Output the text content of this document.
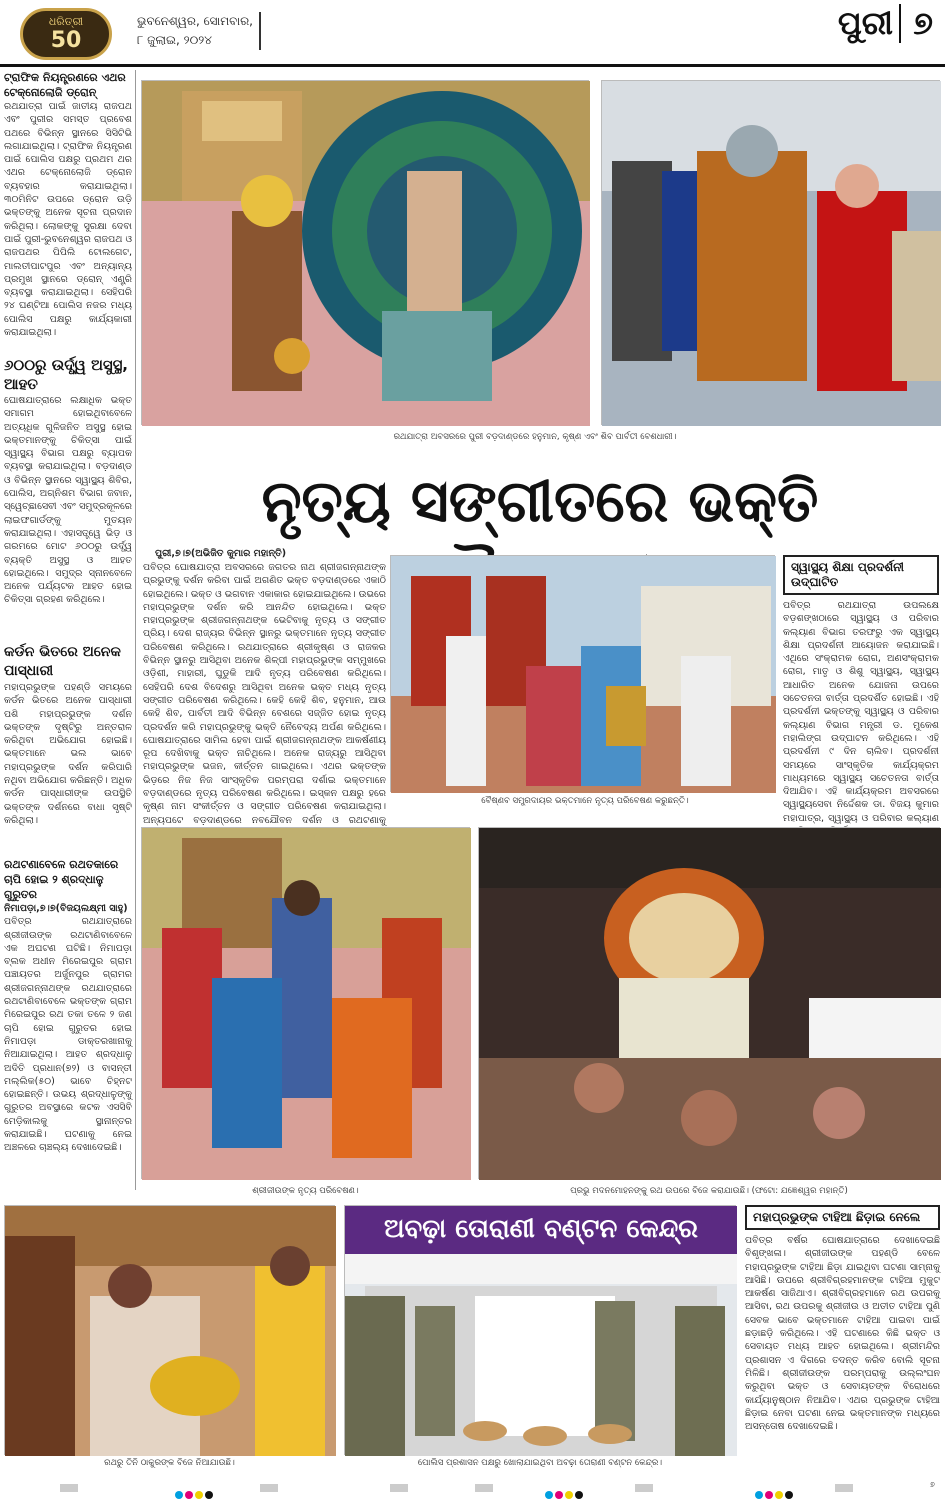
ଧରିତ୍ରୀ
50
ଭୁବନେଶ୍ୱର, ସୋମବାର,
୮ ଜୁଲାଇ, ୨୦୨୪	ପୁରୀ ୭
ଟ୍ରାଫିକ ନିୟନ୍ତ୍ରଣରେ ଏଥର ଟେକ୍ନୋଲୋଜି ଡ୍ରୋନ୍‌
ରଥଯାତ୍ରା ପାଇଁ ଜାତୀୟ ରାଜପଥ ଏବଂ ପୁରୀର ସମସ୍ତ ପ୍ରବେଶ ପଥରେ ବିଭିନ୍ନ ସ୍ଥାନରେ ସିସିଟିଭି ଲଗାଯାଇଥିଲା। ଟ୍ରାଫିକ ନିୟନ୍ତ୍ରଣ ପାଇଁ ପୋଲିସ ପକ୍ଷରୁ ପ୍ରଥମ ଥର ଏଥର ଟେକ୍ନୋଲୋଜି ଡ୍ରୋନ ବ୍ୟବହାର କରାଯାଇଥିଲା। ୩୦ମିନିଟ ଉପରେ ଡ୍ରୋନ ଉଡ଼ି ଭକ୍ତଙ୍କୁ ଅନେକ ସୂଚନା ପ୍ରଦାନ କରିଥିଲା। ଲୋକଙ୍କୁ ସୁରକ୍ଷା ଦେବା ପାଇଁ ପୁରୀ-ଭୁବନେଶ୍ୱର ରାଜପଥ ଓ ରାଜପଥର ପିପିଲି ଟୋଲଗେଟ, ମାଲତୀପାଟପୁର ଏବଂ ଅନ୍ୟାନ୍ୟ ପ୍ରମୁଖ ସ୍ଥାନରେ ଡ୍ରୋନ୍ ଏଣ୍ଟ୍ରି ବ୍ୟବସ୍ଥା କରାଯାଇଥିଲା। ସେହିପରି ୨୪ ଘଣ୍ଟିଆ ପୋଲିସ ନଜର ମଧ୍ୟ ପୋଲିସ ପକ୍ଷରୁ କାର୍ଯ୍ୟକାରୀ କରାଯାଇଥିଲା।
୬୦୦ରୁ ଉର୍ଦ୍ଧ୍ୱ ଅସୁସ୍ଥ, ଆହତ
ଘୋଷଯାତ୍ରାରେ ଲକ୍ଷାଧିକ ଭକ୍ତ ସମାଗମ ହୋଇଥିବାବେଳେ ଅତ୍ୟଧିକ ଗୁଳିଜନିତ ଅସୁସ୍ଥ ହୋଇ ଭକ୍ତମାନଙ୍କୁ ଚିକିତ୍ସା ପାଇଁ ସ୍ୱାସ୍ଥ୍ୟ ବିଭାଗ ପକ୍ଷରୁ ବ୍ୟାପକ ବ୍ୟବସ୍ଥା କରାଯାଇଥିଲା। ବଡ଼ଦାଣ୍ଡ ଓ ବିଭିନ୍ନ ସ୍ଥାନରେ ସ୍ୱାସ୍ଥ୍ୟ ଶିବିର, ପୋଲିସ, ଅଗ୍ନିଶମ ବିଭାଗ ଜବାନ, ସ୍ୱେଚ୍ଛାସେବୀ ଏବଂ ସମୁଦ୍ରକୂଳରେ ଲାଇଫଗାର୍ଡଙ୍କୁ ମୁତୟନ କରାଯାଇଥିଲା। ଏହାସତ୍ତ୍ୱେ ଭିଡ଼ ଓ ଗରମରେ ମୋଟ ୬୦୦ରୁ ଉର୍ଦ୍ଧ୍ୱ ବ୍ୟକ୍ତି ଅସୁସ୍ଥ ଓ ଆହତ ହୋଇଥିଲେ। ସମୁଦ୍ର ସ୍ନାନବେଳେ ଅନେକ ପର୍ଯ୍ୟଟକ ଆହତ ହୋଇ ଚିକିତ୍ସା ଗ୍ରହଣ କରିଥିଲେ।
କର୍ଡନ ଭିତରେ ଅନେକ ପାସ୍‌ଧାରୀ
ମହାପ୍ରଭୁଙ୍କ ପହଣ୍ଡି ସମୟରେ କର୍ଡନ ଭିତରେ ଅନେକ ପାସ୍‌ଧାରୀ ପଶି ମହାପ୍ରଭୁଙ୍କ ଦର୍ଶନ ଭକ୍ତଙ୍କ ଦୃଷ୍ଟିରୁ ଅନ୍ତରାଳ କରିଥିବା ଅଭିଯୋଗ ହୋଇଛି। ଭକ୍ତମାନେ ଭଲ ଭାବେ ମହାପ୍ରଭୁଙ୍କ ଦର୍ଶନ କରିପାରି ନଥିବା ଅଭିଯୋଗ କରିଛନ୍ତି। ଅଧିକ କର୍ଡନ ପାସ୍‌ଧାରୀଙ୍କ ଉପସ୍ଥିତି ଭକ୍ତଙ୍କ ଦର୍ଶନରେ ବାଧା ସୃଷ୍ଟି କରିଥିଲା।
ରଥଟଣାବେଳେ ରଥତକାରେ ଚାପି ହୋଇ ୨ ଶ୍ରଦ୍ଧାଳୁ ଗୁରୁତର
ନିମାପଡ଼ା,୭।୭(ବିଜୟଲକ୍ଷ୍ମୀ ସାହୁ)
ପବିତ୍ର ରଥଯାତ୍ରାରେ ଶ୍ରୀଜୀଉଙ୍କ ରଥଟାଣିବାବେଳେ ଏକ ଅଘଟଣ ଘଟିଛି। ନିମାପଡ଼ା ବ୍ଲକ ଅଧୀନ ମିରେଇପୁର ଗ୍ରାମ ପଞ୍ଚାୟତର ଅର୍ଜୁନପୁର ଗ୍ରାମର ଶ୍ରୀଜଗନ୍ନାଥଙ୍କ ରଥଯାତ୍ରାରେ ରଥଟାଣିବାବେଳେ ଭକ୍ତଙ୍କ ଗ୍ରାମ ମିରେଇପୁର ରଥ ତକା ତଳେ ୨ ଜଣ ଚାପି ହୋଇ ଗୁରୁତର ହୋଇ ନିମାପଡ଼ା ଡାକ୍ତରଖାନାକୁ ନିଆଯାଇଥିଲା। ଆହତ ଶ୍ରଦ୍ଧାଳୁ ଅଦିତି ପ୍ରଧାନ(୭୨) ଓ ବାସନ୍ତୀ ମଲ୍ଲିକ(୫୦) ଭାବେ ଚିହ୍ନଟ ହୋଇଛନ୍ତି। ଉଭୟ ଶ୍ରଦ୍ଧାଳୁଙ୍କୁ ଗୁରୁତର ଅବସ୍ଥାରେ କଟକ ଏସସିବି ମେଡ଼ିକାଲକୁ ସ୍ଥାନାନ୍ତର କରାଯାଇଛି। ଘଟଣାକୁ ନେଇ ଅଞ୍ଚଳରେ ଚାଞ୍ଚଲ୍ୟ ଦେଖାଦେଇଛି।
ରଥଯାତ୍ରା ଅବସରରେ ପୁରୀ ବଡ଼ଦାଣ୍ଡରେ ହନୁମାନ, କୃଷ୍ଣ ଏବଂ ଶିବ ପାର୍ବତୀ ବେଶଧାରୀ।
ନୃତ୍ୟ ସଙ୍ଗୀତରେ ଭକ୍ତି
ପୁରୀ,୭।୭(ଅଭିଜିତ କୁମାର ମହାନ୍ତି)
ପବିତ୍ର ଘୋଷଯାତ୍ରା ଅବସରରେ ଜଗତର ନାଥ ଶ୍ରୀଜଗନ୍ନାଥଙ୍କ ପ୍ରଭୁଙ୍କୁ ଦର୍ଶନ କରିବା ପାଇଁ ଅଗଣିତ ଭକ୍ତ ବଡ଼ଦାଣ୍ଡରେ ଏକାଠି ହୋଇଥିଲେ। ଭକ୍ତ ଓ ଭଗବାନ ଏକାକାର ହୋଇଯାଇଥିଲେ। ଉଭରେ ମହାପ୍ରଭୁଙ୍କ ଦର୍ଶନ କରି ଆନନ୍ଦିତ ହୋଇଥିଲେ। ଭକ୍ତ ମହାପ୍ରଭୁଙ୍କ ଶ୍ରୀଜଗନ୍ନାଥଙ୍କ ଭେଟିବାକୁ ନୃତ୍ୟ ଓ ସଙ୍ଗୀତ ପ୍ରିୟ। ଦେଶ ରାଜ୍ୟର ବିଭିନ୍ନ ସ୍ଥାନରୁ ଭକ୍ତମାନେ ନୃତ୍ୟ ସଙ୍ଗୀତ ପରିବେଷଣ କରିଥିଲେ। ରଥଯାତ୍ରାରେ ଶ୍ରୀକୃଷ୍ଣ ଓ ରାଜକର ବିଭିନ୍ନ ସ୍ଥାନରୁ ଆସିଥିବା ଅନେକ ଶିଳ୍ପୀ ମହାପ୍ରଭୁଙ୍କ ସମ୍ମୁଖରେ ଓଡ଼ିଶୀ, ମାହାରୀ, ଘୁଡୁକି ଆଦି ନୃତ୍ୟ ପରିବେଷଣ କରିଥିଲେ। ସେହିପରି ଦେଶ ବିଦେଶରୁ ଆସିଥିବା ଅନେକ ଭକ୍ତ ମଧ୍ୟ ନୃତ୍ୟ ସଙ୍ଗୀତ ପରିବେଷଣ କରିଥିଲେ। କେହି କେହି ଶିବ, ହନୁମାନ, ଆଉ କେହି ଶିବ, ପାର୍ବତୀ ଆଦି ବିଭିନ୍ନ ବେଶରେ ସଜ୍ଜିତ ହୋଇ ନୃତ୍ୟ ପ୍ରଦର୍ଶନ କରି ମହାପ୍ରଭୁଙ୍କୁ ଭକ୍ତି ନୈବେଦ୍ୟ ଅର୍ପଣ କରିଥିଲେ। ଘୋଷଯାତ୍ରାରେ ସାମିଲ ହେବା ପାଇଁ ଶ୍ରୀଜଗନ୍ନାଥଙ୍କ ଆକର୍ଷଣୀୟ ରୂପ ଦେଖିବାକୁ ଭକ୍ତ ନାଚିଥିଲେ। ଅନେକ ରାଜ୍ୟରୁ ଆସିଥିବା ମହାପ୍ରଭୁଙ୍କ ଭଜନ, କୀର୍ତ୍ତନ ଗାଇଥିଲେ। ଏଥର ଭକ୍ତଙ୍କ ଭିଡ଼ରେ ନିଜ ନିଜ ସାଂସ୍କୃତିକ ପରମ୍ପରା ଦର୍ଶାଇ ଭକ୍ତମାନେ ବଡ଼ଦାଣ୍ଡରେ ନୃତ୍ୟ ପରିବେଷଣ କରିଥିଲେ। ଇସ୍କନ ପକ୍ଷରୁ ହରେ କୃଷ୍ଣ ନାମ ସଂକୀର୍ତ୍ତନ ଓ ସଙ୍ଗୀତ ପରିବେଷଣ କରାଯାଇଥିଲା। ଅନ୍ୟପଟେ ବଡ଼ଦାଣ୍ଡରେ ନବଯୌବନ ଦର୍ଶନ ଓ ରଥଟଣାକୁ
ବୈଷ୍ଣବ ସମ୍ପ୍ରଦାୟର ଭକ୍ତମାନେ ନୃତ୍ୟ ପରିବେଷଣ କରୁଛନ୍ତି।
ସ୍ୱାସ୍ଥ୍ୟ ଶିକ୍ଷା ପ୍ରଦର୍ଶନୀ ଉଦ୍‌ଘାଟିତ
ପବିତ୍ର ରଥଯାତ୍ରା ଉପଲକ୍ଷେ ବଡ଼ଶଙ୍ଖଠାରେ ସ୍ୱାସ୍ଥ୍ୟ ଓ ପରିବାର କଲ୍ୟାଣ ବିଭାଗ ତରଫରୁ ଏକ ସ୍ୱାସ୍ଥ୍ୟ ଶିକ୍ଷା ପ୍ରଦର୍ଶନୀ ଆୟୋଜନ କରାଯାଇଛି। ଏଥିରେ ସଂକ୍ରାମକ ରୋଗ, ଅଣସଂକ୍ରାମକ ରୋଗ, ମାତୃ ଓ ଶିଶୁ ସ୍ୱାସ୍ଥ୍ୟ, ସ୍ୱାସ୍ଥ୍ୟ ଆଧାରିତ ଅନେକ ଯୋଜନା ଉପରେ ସଚେତନତା ବାର୍ତ୍ତା ପ୍ରଦର୍ଶିତ ହୋଇଛି। ଏହି ପ୍ରଦର୍ଶନୀ ଭକ୍ତଙ୍କୁ ସ୍ୱାସ୍ଥ୍ୟ ଓ ପରିବାର କଲ୍ୟାଣ ବିଭାଗ ମନ୍ତ୍ରୀ ଡ. ମୁକେଶ ମହାଲିଙ୍ଗ ଉଦ୍‌ଘାଟନ କରିଥିଲେ। ଏହି ପ୍ରଦର୍ଶନୀ ୯ ଦିନ ଚାଲିବ। ପ୍ରଦର୍ଶନୀ ସମୟରେ ସାଂସ୍କୃତିକ କାର୍ଯ୍ୟକ୍ରମ ମାଧ୍ୟମରେ ସ୍ୱାସ୍ଥ୍ୟ ସଚେତନତା ବାର୍ତ୍ତା ଦିଆଯିବ। ଏହି କାର୍ଯ୍ୟକ୍ରମ ଅବସରରେ ସ୍ୱାସ୍ଥ୍ୟସେବା ନିର୍ଦ୍ଦେଶକ ଡା. ବିଜୟ କୁମାର ମହାପାତ୍ର, ସ୍ୱାସ୍ଥ୍ୟ ଓ ପରିବାର କଲ୍ୟାଣ
ଶ୍ରୀଜୀଉଙ୍କ ନୃତ୍ୟ ପରିବେଷଣ।	ପ୍ରଭୁ ମଦନମୋହନଙ୍କୁ ରଥ ଉପରେ ବିଜେ କରାଯାଉଛି। (ଫଟୋ: ଯଜ୍ଞେଶ୍ୱର ମହାନ୍ତି)
ରଥରୁ ତିନି ଠାକୁରଙ୍କ ବିଜେ ନିଆଯାଉଛି।
ଅବଢ଼ା ତୋରାଣୀ ବଣ୍ଟନ କେନ୍ଦ୍ର
ପୋଲିସ ପ୍ରଶାସନ ପକ୍ଷରୁ ଖୋଲାଯାଇଥିବା ଅବଢ଼ା ତୋରାଣୀ ବଣ୍ଟନ କେନ୍ଦ୍ର।
ମହାପ୍ରଭୁଙ୍କ ଟାହିଆ ଛିଡ଼ାଇ ନେଲେ
ପବିତ୍ର ବର୍ଷର ଘୋଷଯାତ୍ରାରେ ଦେଖାଦେଇଛି ବିଶୃଙ୍ଖଳା। ଶ୍ରୀଜୀଉଙ୍କ ପହଣ୍ଡି ବେଳେ ମହାପ୍ରଭୁଙ୍କ ଟାହିଆ ଛିଡ଼ା ଯାଇଥିବା ଘଟଣା ସାମ୍ନାକୁ ଆସିଛି। ଉପରେ ଶ୍ରୀବିଗ୍ରହମାନଙ୍କ ଟାହିଆ ମୁକୁଟ ଆକର୍ଷଣ ସାଜିଥାଏ। ଶ୍ରୀବିଗ୍ରହମାନେ ରଥ ଉପରକୁ ଆସିବା, ରଥ ଉପରକୁ ଶ୍ରୀଜୀଉ ଓ ଅତୀତ ଟାହିଆ ପୁଣି ସେବକ ଭାବେ ଭକ୍ତମାନେ ଟାହିଆ ପାଇବା ପାଇଁ ଛଡ଼ାଛଡ଼ି କରିଥିଲେ। ଏହି ଘଟଣାରେ କିଛି ଭକ୍ତ ଓ ସେବାୟତ ମଧ୍ୟ ଆହତ ହୋଇଥିଲେ। ଶ୍ରୀମନ୍ଦିର ପ୍ରଶାସନ ଏ ଦିଗରେ ତଦନ୍ତ କରିବ ବୋଲି ସୂଚନା ମିଳିଛି। ଶ୍ରୀଜୀଉଙ୍କ ପରମ୍ପରାକୁ ଉଲ୍ଲଂଘନ କରୁଥିବା ଭକ୍ତ ଓ ସେବାୟତଙ୍କ ବିରୋଧରେ କାର୍ଯ୍ୟାନୁଷ୍ଠାନ ନିଆଯିବ। ଏଥର ପ୍ରଭୁଙ୍କ ଟାହିଆ ଛିଡ଼ାଇ ନେବା ଘଟଣା ନେଇ ଭକ୍ତମାନଙ୍କ ମଧ୍ୟରେ ଅସନ୍ତୋଷ ଦେଖାଦେଇଛି।
୭
